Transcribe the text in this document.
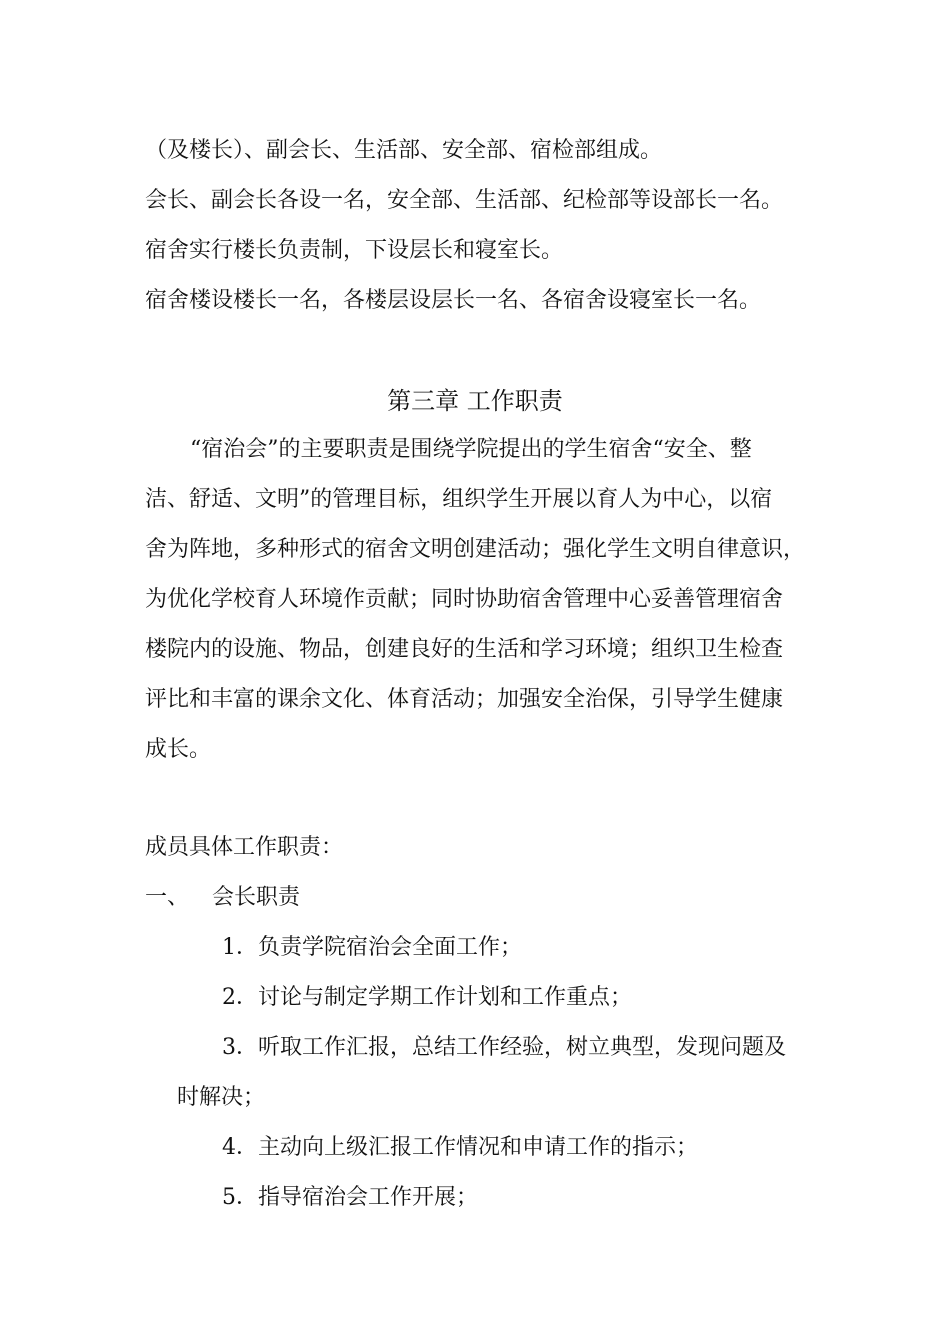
（及楼长）、副会长、生活部、安全部、宿检部组成。

会长、副会长各设一名，安全部、生活部、纪检部等设部长一名。

宿舍实行楼长负责制，下设层长和寝室长。

宿舍楼设楼长一名，各楼层设层长一名、各宿舍设寝室长一名。

第三章 工作职责

“宿治会”的主要职责是围绕学院提出的学生宿舍“安全、整

洁、舒适、文明”的管理目标，组织学生开展以育人为中心，以宿

舍为阵地，多种形式的宿舍文明创建活动；强化学生文明自律意识，

为优化学校育人环境作贡献；同时协助宿舍管理中心妥善管理宿舍

楼院内的设施、物品，创建良好的生活和学习环境；组织卫生检查

评比和丰富的课余文化、体育活动；加强安全治保，引导学生健康

成长。

成员具体工作职责：

一、 会长职责

1．负责学院宿治会全面工作；

2．讨论与制定学期工作计划和工作重点；

3．听取工作汇报，总结工作经验，树立典型，发现问题及

时解决；

4．主动向上级汇报工作情况和申请工作的指示；

5．指导宿治会工作开展；
